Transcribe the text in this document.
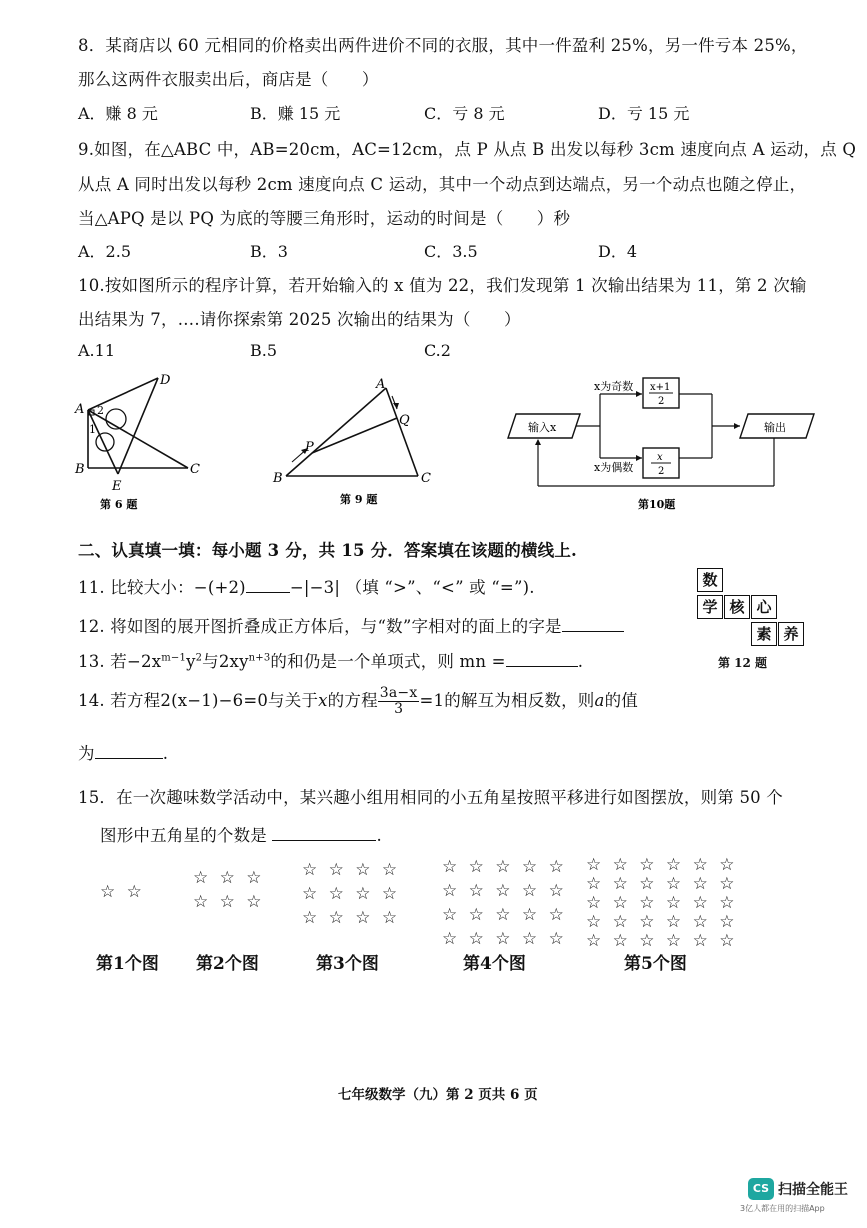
8．某商店以 60 元相同的价格卖出两件进价不同的衣服，其中一件盈利 25%，另一件亏本 25%，
那么这两件衣服卖出后，商店是（　　）
A．赚 8 元	B．赚 15 元	C．亏 8 元	D．亏 15 元
9.如图，在△ABC 中，AB=20cm，AC=12cm，点 P 从点 B 出发以每秒 3cm 速度向点 A 运动，点 Q
从点 A 同时出发以每秒 2cm 速度向点 C 运动，其中一个动点到达端点，另一个动点也随之停止，
当△APQ 是以 PQ 为底的等腰三角形时，运动的时间是（　　）秒
A．2.5	B．3	C．3.5	D．4
10.按如图所示的程序计算，若开始输入的 x 值为 22，我们发现第 1 次输出结果为 11，第 2 次输
出结果为 7，….请你探索第 2025 次输出的结果为（　　）
A.11	B.5	C.2
A
B	C
D
E
1
2
第 6 题
A
B	C
P
Q
第 9 题
输入x
x为奇数
x为偶数
x+1
2
x
2
输出
第10题
二、认真填一填：每小题 3 分，共 15 分．答案填在该题的横线上.
11. 比较大小：−(+2)	−|−3| （填 “>”、“<” 或 “=”).
12. 将如图的展开图折叠成正方体后，与“数”字相对的面上的字是
数
学 核 心
素 养
第 12 题
13. 若$-2x^{m-1}y^2$与$2xy^{n+3}$的和仍是一个单项式，则 mn =	.
14. 若方程2(x−1)−6=0与关于x的方程 $\frac{3a-x}{3} =1$的解互为相反数，则a的值
为	.
15．在一次趣味数学活动中，某兴趣小组用相同的小五角星按照平移进行如图摆放，则第 50 个
图形中五角星的个数是	.
☆ ☆
☆ ☆ ☆
☆ ☆ ☆
☆ ☆ ☆ ☆
☆ ☆ ☆ ☆
☆ ☆ ☆ ☆
☆ ☆ ☆ ☆ ☆
☆ ☆ ☆ ☆ ☆
☆ ☆ ☆ ☆ ☆
☆ ☆ ☆ ☆ ☆
☆ ☆ ☆ ☆ ☆ ☆
☆ ☆ ☆ ☆ ☆ ☆
☆ ☆ ☆ ☆ ☆ ☆
☆ ☆ ☆ ☆ ☆ ☆
☆ ☆ ☆ ☆ ☆ ☆
第1个图 第2个图	第3个图	第4个图	第5个图
七年级数学（九）第 2 页共 6 页
CS 扫描全能王
3亿人都在用的扫描App
